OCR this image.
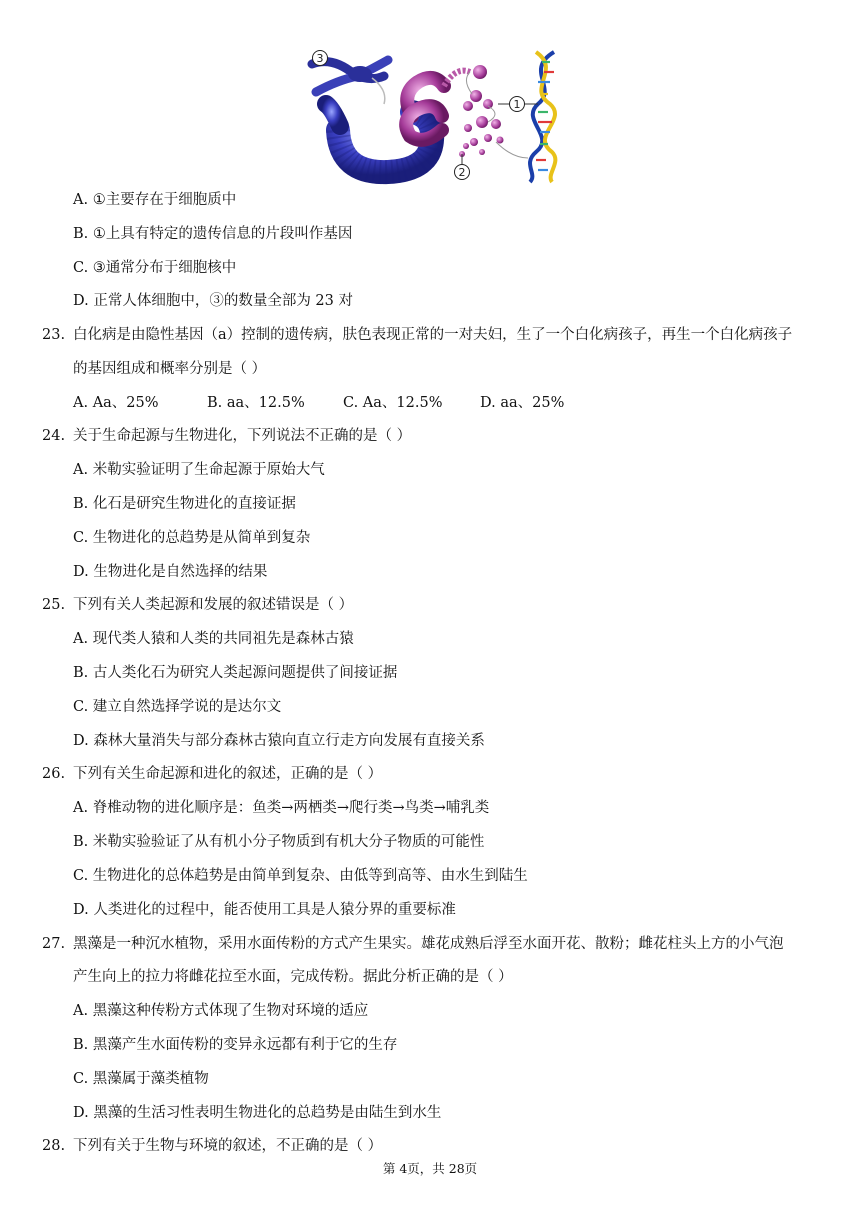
3
1
2
A. ①主要存在于细胞质中
B. ①上具有特定的遗传信息的片段叫作基因
C. ③通常分布于细胞核中
D. 正常人体细胞中，③的数量全部为 23 对
23. 白化病是由隐性基因（a）控制的遗传病，肤色表现正常的一对夫妇，生了一个白化病孩子，再生一个白化病孩子
的基因组成和概率分别是（ ）
A. Aa、25%	B. aa、12.5%	C. Aa、12.5%	D. aa、25%
24. 关于生命起源与生物进化，下列说法不正确的是（ ）
A. 米勒实验证明了生命起源于原始大气
B. 化石是研究生物进化的直接证据
C. 生物进化的总趋势是从简单到复杂
D. 生物进化是自然选择的结果
25. 下列有关人类起源和发展的叙述错误是（ ）
A. 现代类人猿和人类的共同祖先是森林古猿
B. 古人类化石为研究人类起源问题提供了间接证据
C. 建立自然选择学说的是达尔文
D. 森林大量消失与部分森林古猿向直立行走方向发展有直接关系
26. 下列有关生命起源和进化的叙述，正确的是（ ）
A. 脊椎动物的进化顺序是：鱼类→两栖类→爬行类→鸟类→哺乳类
B. 米勒实验验证了从有机小分子物质到有机大分子物质的可能性
C. 生物进化的总体趋势是由简单到复杂、由低等到高等、由水生到陆生
D. 人类进化的过程中，能否使用工具是人猿分界的重要标准
27. 黑藻是一种沉水植物，采用水面传粉的方式产生果实。雄花成熟后浮至水面开花、散粉；雌花柱头上方的小气泡
产生向上的拉力将雌花拉至水面，完成传粉。据此分析正确的是（ ）
A. 黑藻这种传粉方式体现了生物对环境的适应
B. 黑藻产生水面传粉的变异永远都有利于它的生存
C. 黑藻属于藻类植物
D. 黑藻的生活习性表明生物进化的总趋势是由陆生到水生
28. 下列有关于生物与环境的叙述，不正确的是（ ）
第 4页，共 28页
